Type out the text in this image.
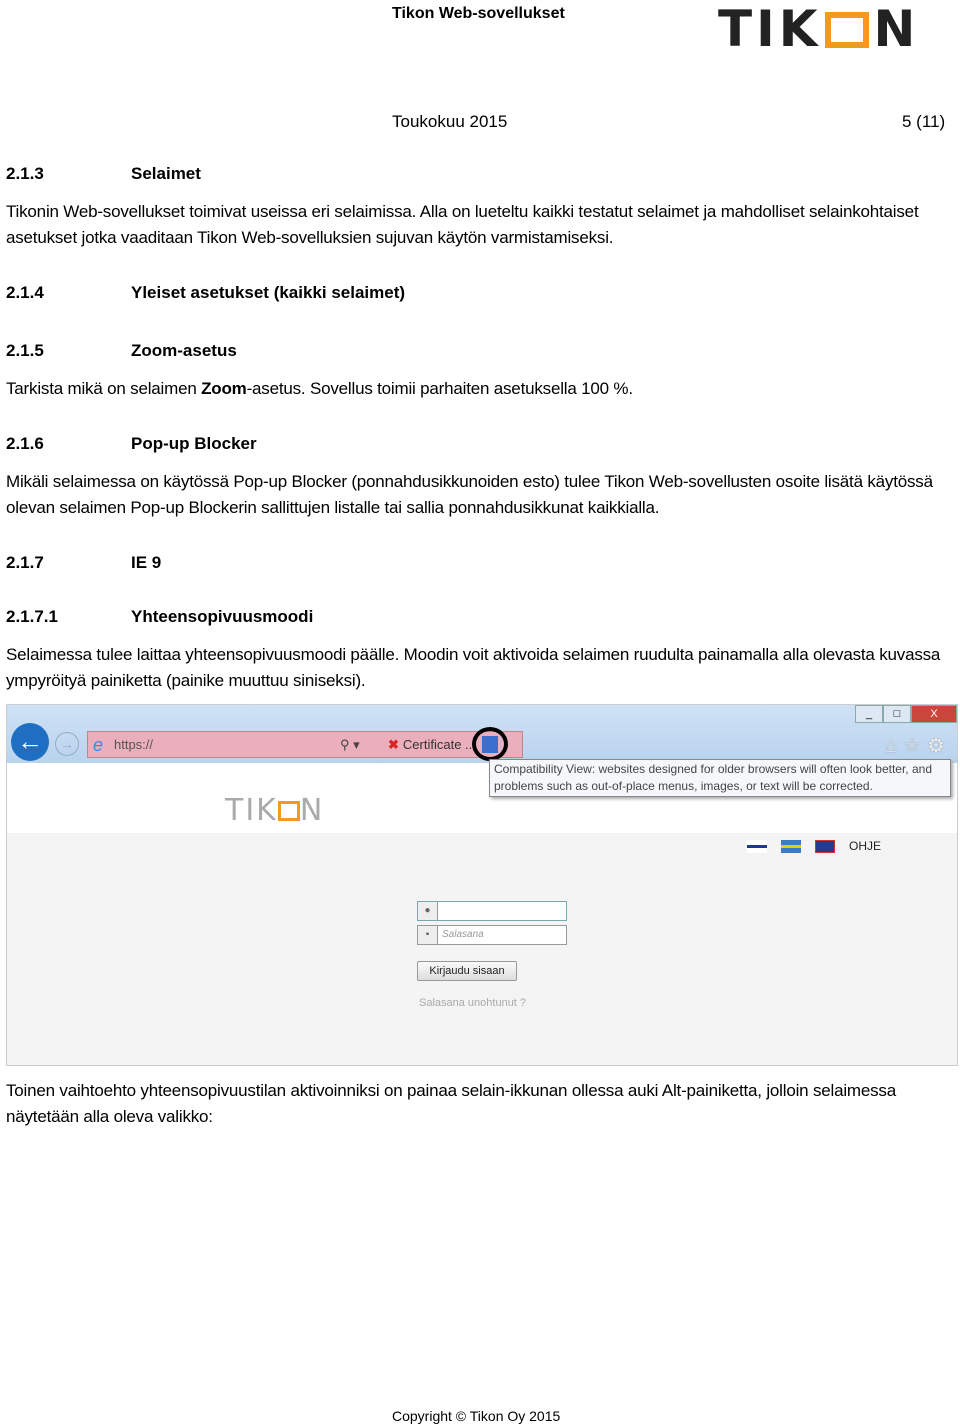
Tikon Web-sovellukset	TIK N
Toukokuu 2015	5 (11)
2.1.3	Selaimet
Tikonin Web-sovellukset toimivat useissa eri selaimissa. Alla on lueteltu kaikki testatut selaimet ja mahdolliset selainkohtaiset asetukset jotka vaaditaan Tikon Web-sovelluksien sujuvan käytön varmistamiseksi.
2.1.4	Yleiset asetukset (kaikki selaimet)
2.1.5	Zoom-asetus
Tarkista mikä on selaimen Zoom-asetus. Sovellus toimii parhaiten asetuksella 100 %.
2.1.6	Pop-up Blocker
Mikäli selaimessa on käytössä Pop-up Blocker (ponnahdusikkunoiden esto) tulee Tikon Web-sovellusten osoite lisätä käytössä olevan selaimen Pop-up Blockerin sallittujen listalle tai sallia ponnahdusikkunat kaikkialla.
2.1.7	IE 9
2.1.7.1	Yhteensopivuusmoodi
Selaimessa tulee laittaa yhteensopivuusmoodi päälle. Moodin voit aktivoida selaimen ruudulta painamalla alla olevasta kuvassa ympyröityä painiketta (painike muuttuu siniseksi).
←	→ e https://	⚲ ▾ ✖ Certificate ...
_	□	X
⌂☆⚙
TIK N
Compatibility View: websites designed for older browsers will often look better, and problems such as out-of-place menus, images, or text will be corrected.
OHJE
●
▪	Salasana
Kirjaudu sisaan
Salasana unohtunut ?
Toinen vaihtoehto yhteensopivuustilan aktivoinniksi on painaa selain-ikkunan ollessa auki Alt-painiketta, jolloin selaimessa näytetään alla oleva valikko:
Copyright © Tikon Oy 2015
